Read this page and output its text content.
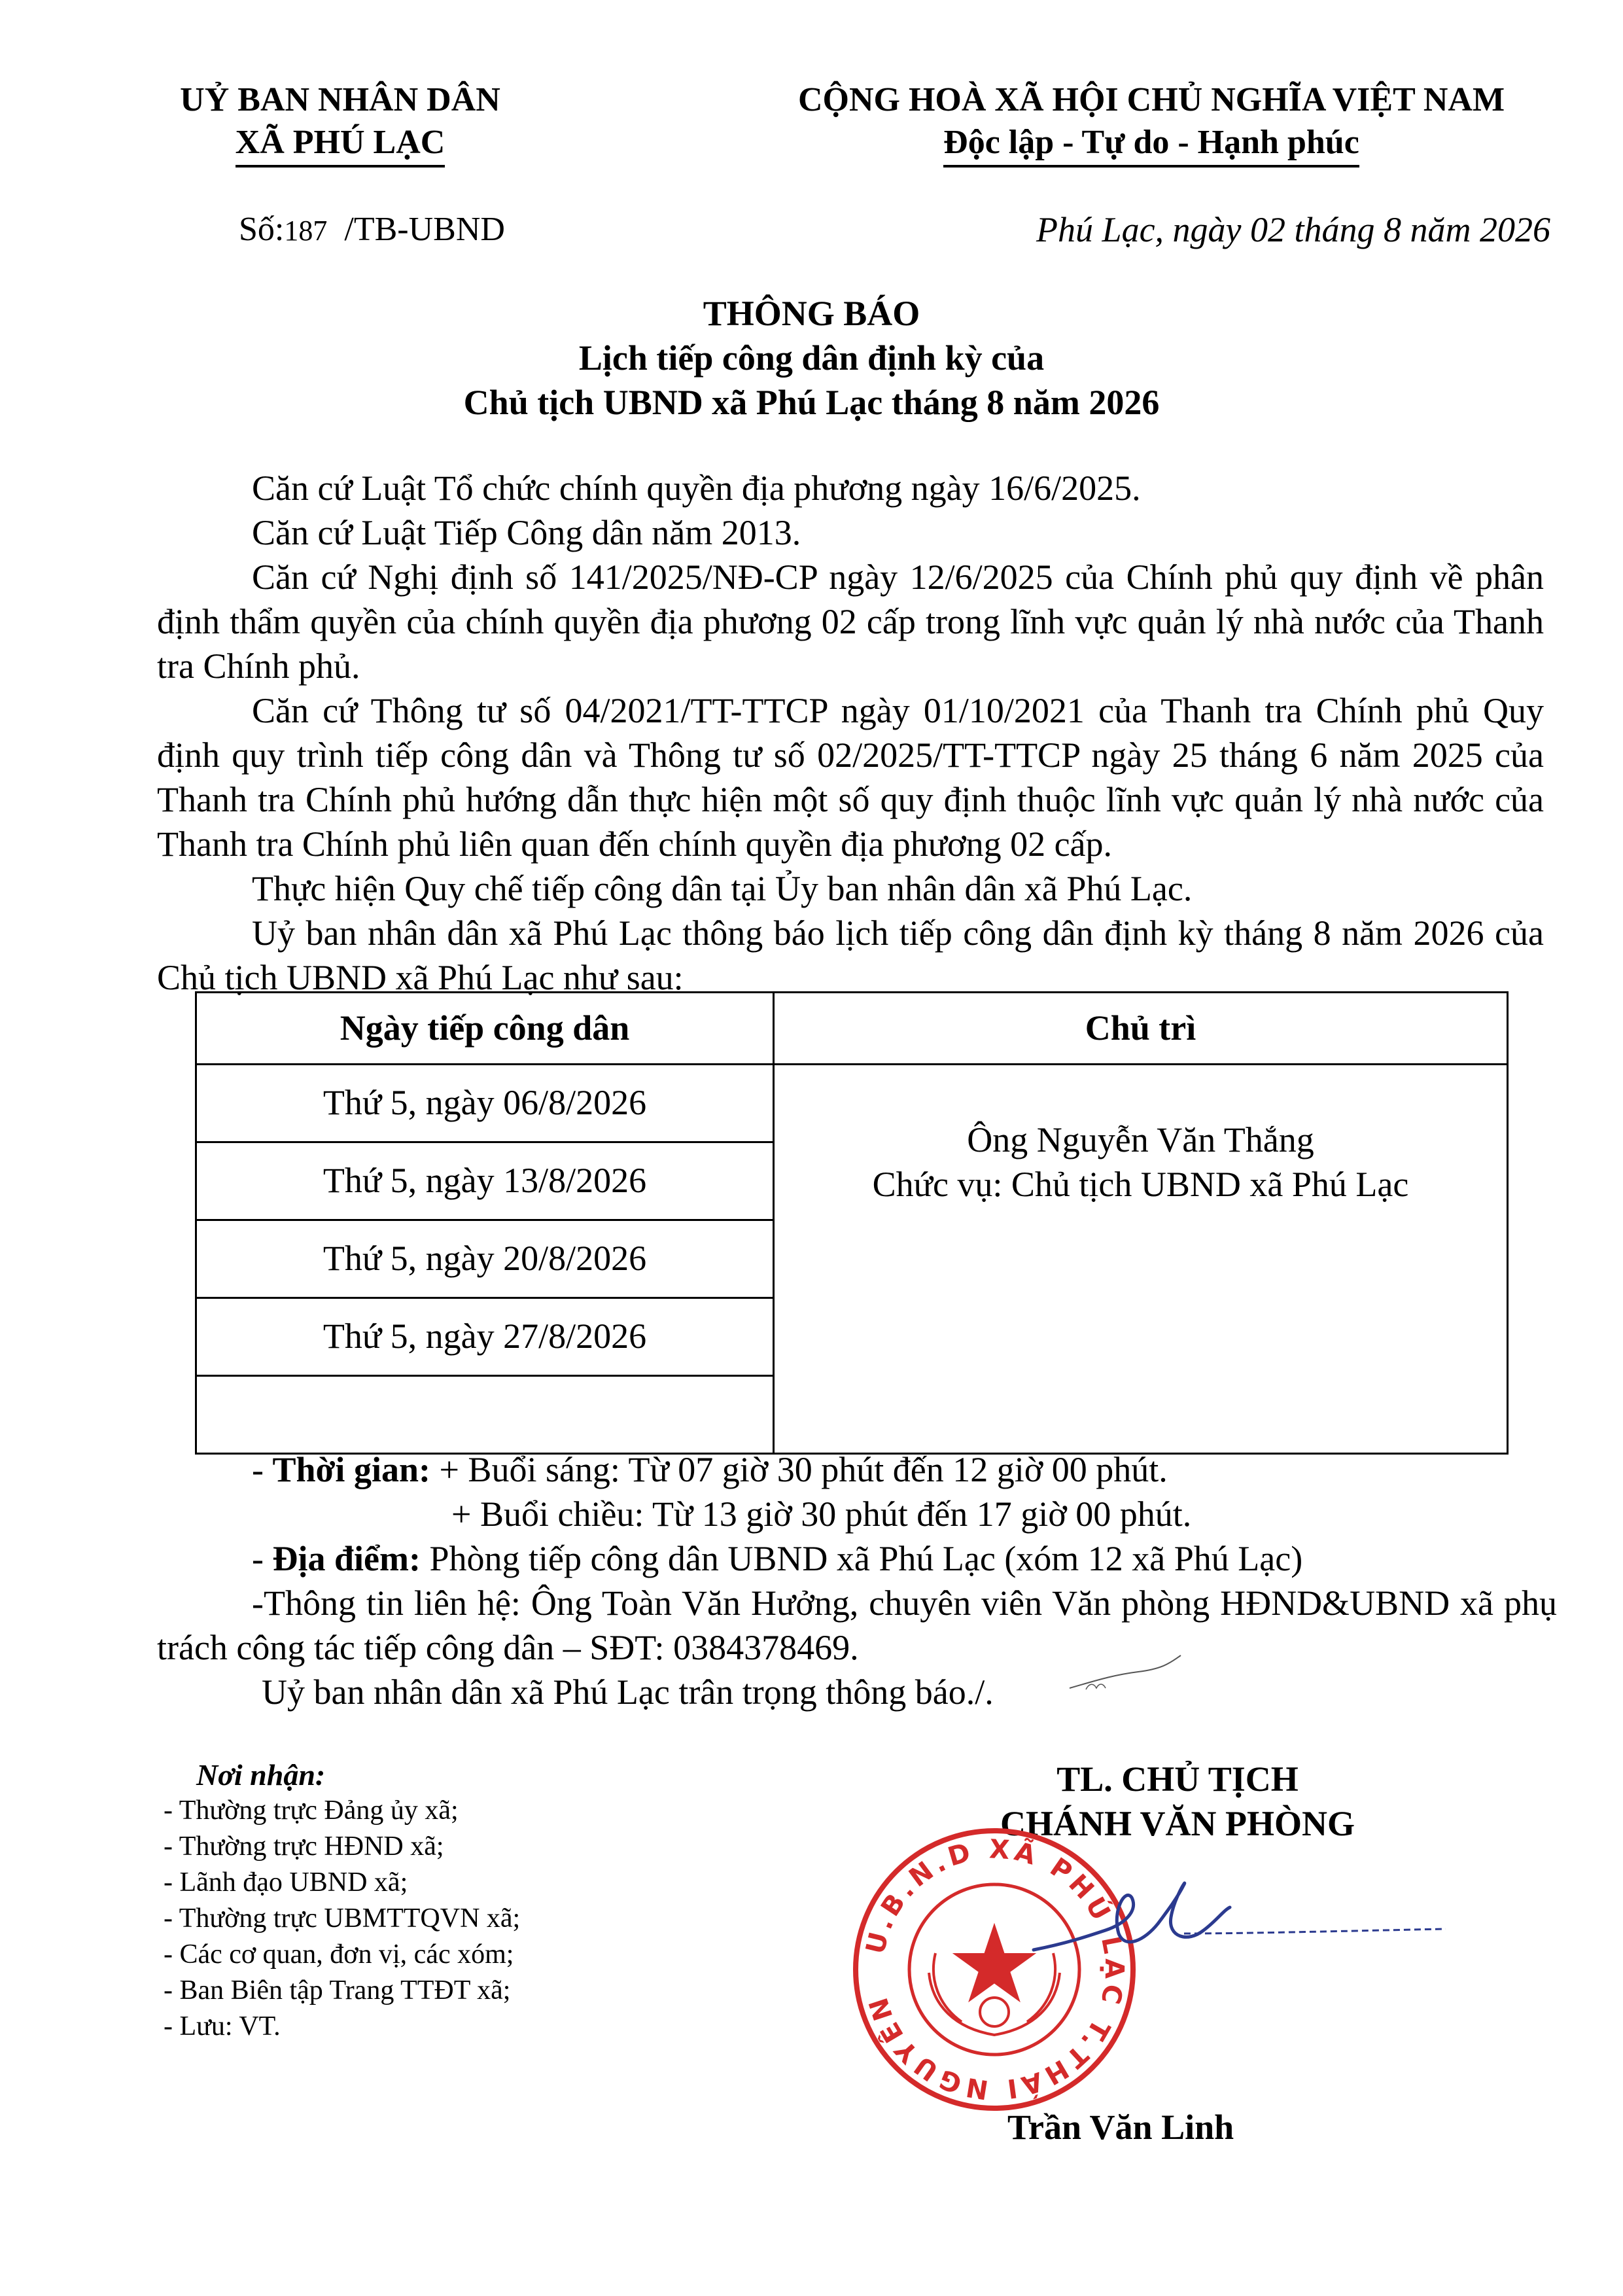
UỶ BAN NHÂN DÂN
XÃ PHÚ LẠC
CỘNG HOÀ XÃ HỘI CHỦ NGHĨA VIỆT NAM
Độc lập - Tự do - Hạnh phúc
Số:187 /TB-UBND	Phú Lạc, ngày 02 tháng 8 năm 2026
THÔNG BÁO
Lịch tiếp công dân định kỳ của
Chủ tịch UBND xã Phú Lạc tháng 8 năm 2026

Căn cứ Luật Tổ chức chính quyền địa phương ngày 16/6/2025.

Căn cứ Luật Tiếp Công dân năm 2013.

Căn cứ Nghị định số 141/2025/NĐ-CP ngày 12/6/2025 của Chính phủ quy định về phân định thẩm quyền của chính quyền địa phương 02 cấp trong lĩnh vực quản lý nhà nước của Thanh tra Chính phủ.

Căn cứ Thông tư số 04/2021/TT-TTCP ngày 01/10/2021 của Thanh tra Chính phủ Quy định quy trình tiếp công dân và Thông tư số 02/2025/TT-TTCP ngày 25 tháng 6 năm 2025 của Thanh tra Chính phủ hướng dẫn thực hiện một số quy định thuộc lĩnh vực quản lý nhà nước của Thanh tra Chính phủ liên quan đến chính quyền địa phương 02 cấp.

Thực hiện Quy chế tiếp công dân tại Ủy ban nhân dân xã Phú Lạc.

Uỷ ban nhân dân xã Phú Lạc thông báo lịch tiếp công dân định kỳ tháng 8 năm 2026 của Chủ tịch UBND xã Phú Lạc như sau:

Ngày tiếp công dân	Chủ trì
Thứ 5, ngày 06/8/2026	Ông Nguyễn Văn Thắng
Chức vụ: Chủ tịch UBND xã Phú Lạc

Thứ 5, ngày 13/8/2026	
Thứ 5, ngày 20/8/2026	
Thứ 5, ngày 27/8/2026	

- Thời gian: + Buổi sáng: Từ 07 giờ 30 phút đến 12 giờ 00 phút.

+ Buổi chiều: Từ 13 giờ 30 phút đến 17 giờ 00 phút.

- Địa điểm: Phòng tiếp công dân UBND xã Phú Lạc (xóm 12 xã Phú Lạc)

-Thông tin liên hệ: Ông Toàn Văn Hưởng, chuyên viên Văn phòng HĐND&UBND xã phụ trách công tác tiếp công dân – SĐT: 0384378469.

Uỷ ban nhân dân xã Phú Lạc trân trọng thông báo./.

Nơi nhận:
- Thường trực Đảng ủy xã;
- Thường trực HĐND xã;
- Lãnh đạo UBND xã;
- Thường trực UBMTTQVN xã;
- Các cơ quan, đơn vị, các xóm;
- Ban Biên tập Trang TTĐT xã;
- Lưu: VT.
TL. CHỦ TỊCH
CHÁNH VĂN PHÒNG
U.B.N.D XÃ PHÚ LẠC T.THÁI NGUYÊN
Trần Văn Linh
